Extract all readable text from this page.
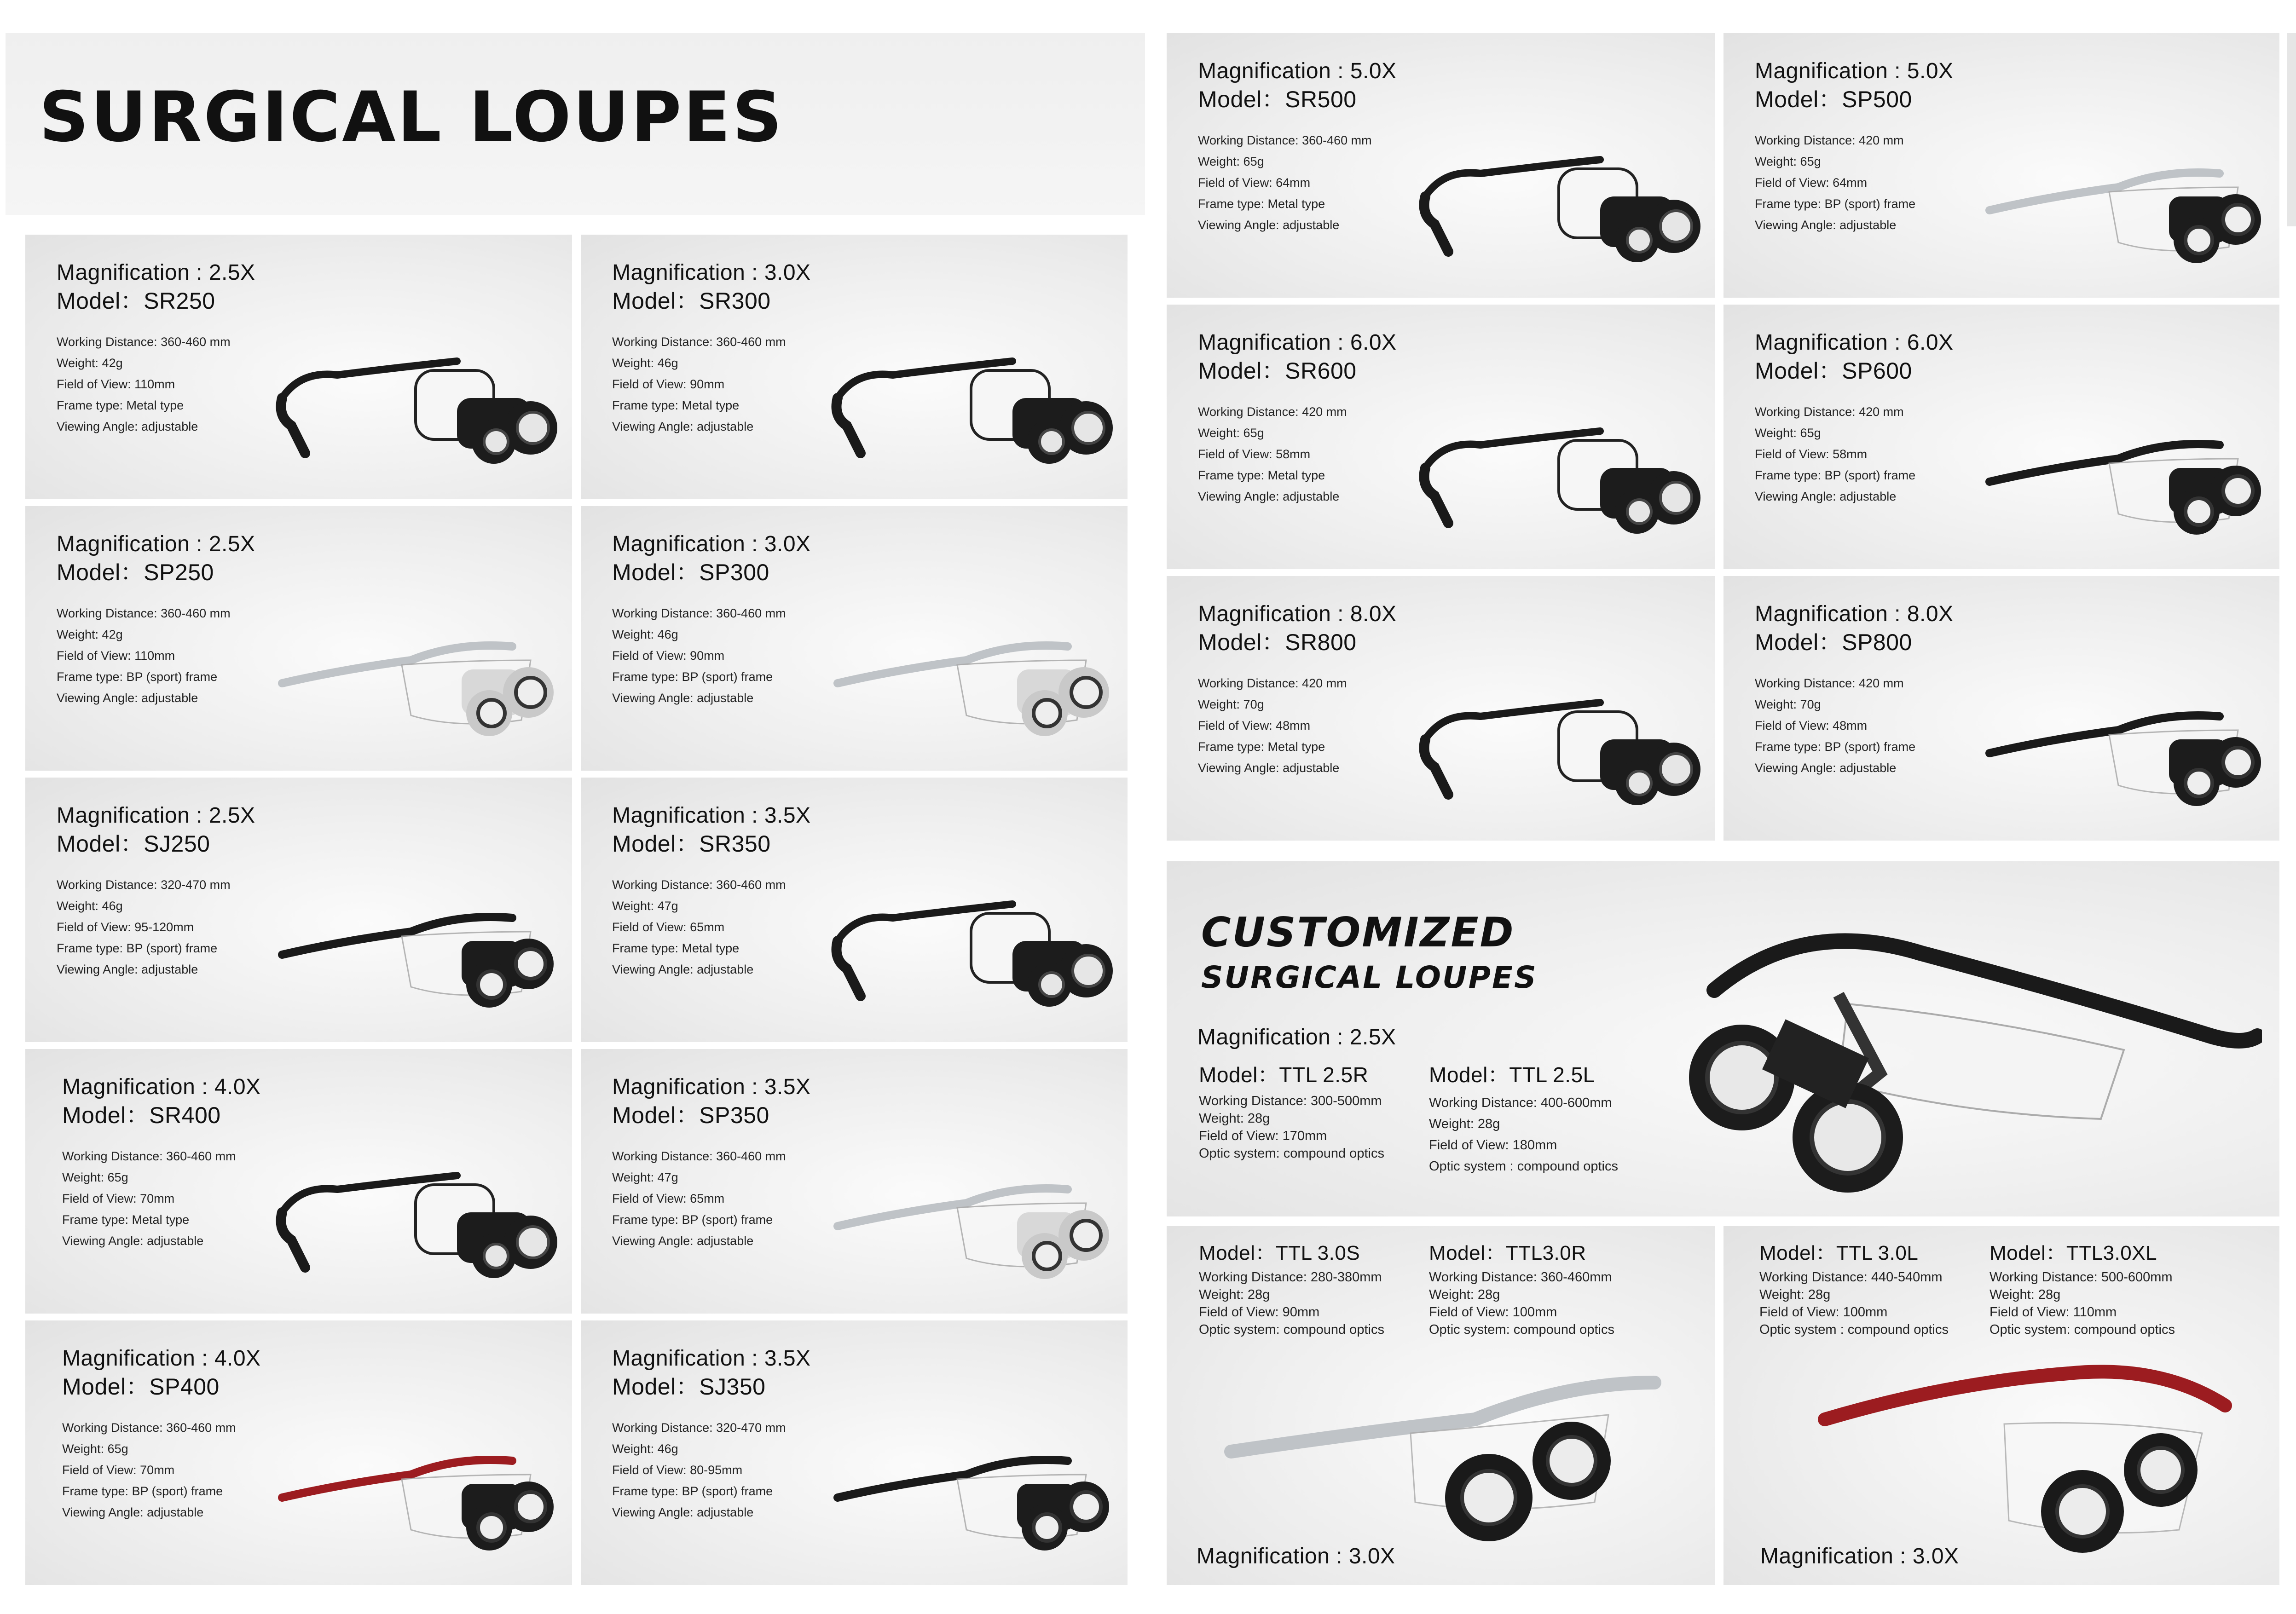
SURGICAL LOUPES
Magnification : 2.5X
Model：SR250
Working Distance: 360-460 mm
Weight: 42g
Field of View: 110mm
Frame type: Metal type
Viewing Angle: adjustable
Magnification : 3.0X
Model：SR300
Working Distance: 360-460 mm
Weight: 46g
Field of View: 90mm
Frame type: Metal type
Viewing Angle: adjustable
Magnification : 2.5X
Model：SP250
Working Distance: 360-460 mm
Weight: 42g
Field of View: 110mm
Frame type: BP (sport) frame
Viewing Angle: adjustable
Magnification : 3.0X
Model：SP300
Working Distance: 360-460 mm
Weight: 46g
Field of View: 90mm
Frame type: BP (sport) frame
Viewing Angle: adjustable
Magnification : 2.5X
Model：SJ250
Working Distance: 320-470 mm
Weight: 46g
Field of View: 95-120mm
Frame type: BP (sport) frame
Viewing Angle: adjustable
Magnification : 3.5X
Model：SR350
Working Distance: 360-460 mm
Weight: 47g
Field of View: 65mm
Frame type: Metal type
Viewing Angle: adjustable
Magnification : 4.0X
Model：SR400
Working Distance: 360-460 mm
Weight: 65g
Field of View: 70mm
Frame type: Metal type
Viewing Angle: adjustable
Magnification : 3.5X
Model：SP350
Working Distance: 360-460 mm
Weight: 47g
Field of View: 65mm
Frame type: BP (sport) frame
Viewing Angle: adjustable
Magnification : 4.0X
Model：SP400
Working Distance: 360-460 mm
Weight: 65g
Field of View: 70mm
Frame type: BP (sport) frame
Viewing Angle: adjustable
Magnification : 3.5X
Model：SJ350
Working Distance: 320-470 mm
Weight: 46g
Field of View: 80-95mm
Frame type: BP (sport) frame
Viewing Angle: adjustable
Magnification : 5.0X
Model：SR500
Working Distance: 360-460 mm
Weight: 65g
Field of View: 64mm
Frame type: Metal type
Viewing Angle: adjustable
Magnification : 5.0X
Model：SP500
Working Distance: 420 mm
Weight: 65g
Field of View: 64mm
Frame type: BP (sport) frame
Viewing Angle: adjustable
Magnification : 6.0X
Model：SR600
Working Distance: 420 mm
Weight: 65g
Field of View: 58mm
Frame type: Metal type
Viewing Angle: adjustable
Magnification : 6.0X
Model：SP600
Working Distance: 420 mm
Weight: 65g
Field of View: 58mm
Frame type: BP (sport) frame
Viewing Angle: adjustable
Magnification : 8.0X
Model：SR800
Working Distance: 420 mm
Weight: 70g
Field of View: 48mm
Frame type: Metal type
Viewing Angle: adjustable
Magnification : 8.0X
Model：SP800
Working Distance: 420 mm
Weight: 70g
Field of View: 48mm
Frame type: BP (sport) frame
Viewing Angle: adjustable
CUSTOMIZED
SURGICAL LOUPES
Magnification : 2.5X
Model：TTL 2.5R
Working Distance: 300-500mm
Weight: 28g
Field of View: 170mm
Optic system: compound optics
Model：TTL 2.5L
Working Distance: 400-600mm
Weight: 28g
Field of View: 180mm
Optic system : compound optics
Model：TTL 3.0S
Working Distance: 280-380mm
Weight: 28g
Field of View: 90mm
Optic system: compound optics
Model：TTL3.0R
Working Distance: 360-460mm
Weight: 28g
Field of View: 100mm
Optic system: compound optics
Magnification : 3.0X
Model：TTL 3.0L
Working Distance: 440-540mm
Weight: 28g
Field of View: 100mm
Optic system : compound optics
Model：TTL3.0XL
Working Distance: 500-600mm
Weight: 28g
Field of View: 110mm
Optic system: compound optics
Magnification : 3.0X
